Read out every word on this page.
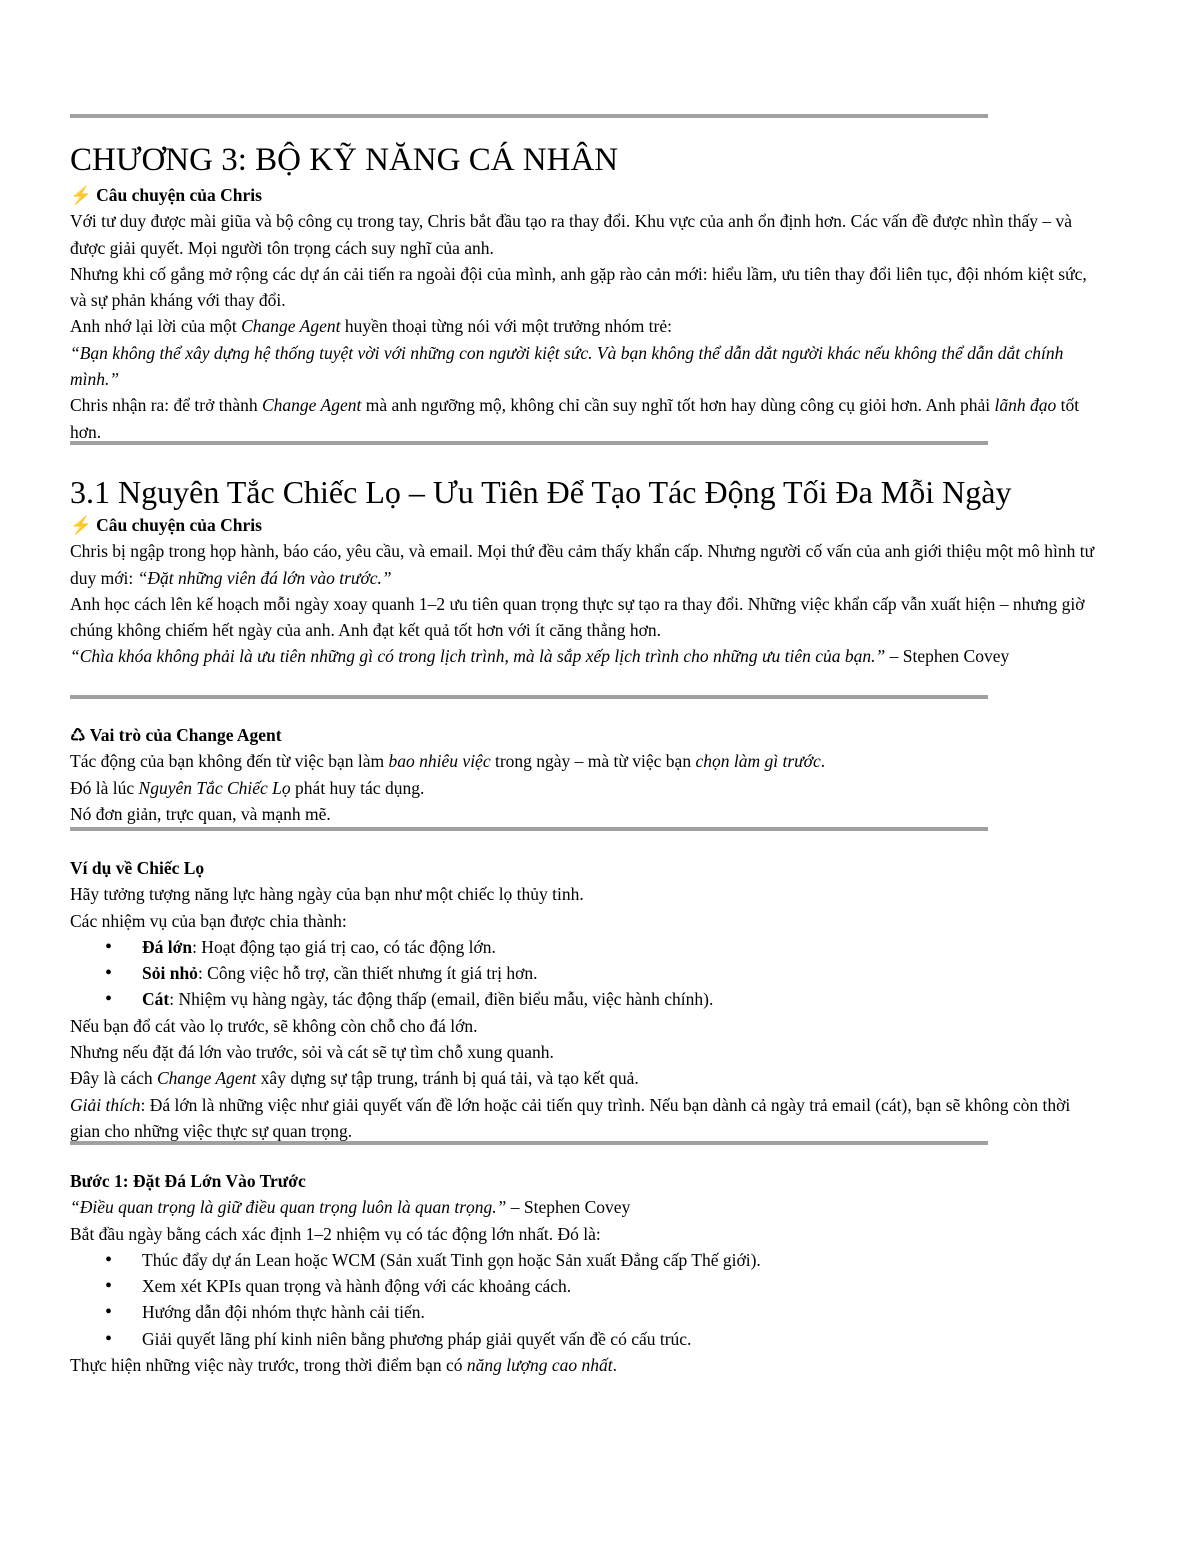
CHƯƠNG 3: BỘ KỸ NĂNG CÁ NHÂN

⚡ Câu chuyện của Chris

Với tư duy được mài giũa và bộ công cụ trong tay, Chris bắt đầu tạo ra thay đổi. Khu vực của anh ổn định hơn. Các vấn đề được nhìn thấy – và được giải quyết. Mọi người tôn trọng cách suy nghĩ của anh.

Nhưng khi cố gắng mở rộng các dự án cải tiến ra ngoài đội của mình, anh gặp rào cản mới: hiểu lầm, ưu tiên thay đổi liên tục, đội nhóm kiệt sức, và sự phản kháng với thay đổi.

Anh nhớ lại lời của một Change Agent huyền thoại từng nói với một trưởng nhóm trẻ:

“Bạn không thể xây dựng hệ thống tuyệt vời với những con người kiệt sức. Và bạn không thể dẫn dắt người khác nếu không thể dẫn dắt chính mình.”

Chris nhận ra: để trở thành Change Agent mà anh ngưỡng mộ, không chỉ cần suy nghĩ tốt hơn hay dùng công cụ giỏi hơn. Anh phải lãnh đạo tốt hơn.

3.1 Nguyên Tắc Chiếc Lọ – Ưu Tiên Để Tạo Tác Động Tối Đa Mỗi Ngày

⚡ Câu chuyện của Chris

Chris bị ngập trong họp hành, báo cáo, yêu cầu, và email. Mọi thứ đều cảm thấy khẩn cấp. Nhưng người cố vấn của anh giới thiệu một mô hình tư duy mới: “Đặt những viên đá lớn vào trước.”

Anh học cách lên kế hoạch mỗi ngày xoay quanh 1–2 ưu tiên quan trọng thực sự tạo ra thay đổi. Những việc khẩn cấp vẫn xuất hiện – nhưng giờ chúng không chiếm hết ngày của anh. Anh đạt kết quả tốt hơn với ít căng thẳng hơn.

“Chìa khóa không phải là ưu tiên những gì có trong lịch trình, mà là sắp xếp lịch trình cho những ưu tiên của bạn.” – Stephen Covey

♺ Vai trò của Change Agent

Tác động của bạn không đến từ việc bạn làm bao nhiêu việc trong ngày – mà từ việc bạn chọn làm gì trước.

Đó là lúc Nguyên Tắc Chiếc Lọ phát huy tác dụng.

Nó đơn giản, trực quan, và mạnh mẽ.

Ví dụ về Chiếc Lọ

Hãy tưởng tượng năng lực hàng ngày của bạn như một chiếc lọ thủy tinh.

Các nhiệm vụ của bạn được chia thành:

• Đá lớn: Hoạt động tạo giá trị cao, có tác động lớn.
• Sỏi nhỏ: Công việc hỗ trợ, cần thiết nhưng ít giá trị hơn.
• Cát: Nhiệm vụ hàng ngày, tác động thấp (email, điền biểu mẫu, việc hành chính).

Nếu bạn đổ cát vào lọ trước, sẽ không còn chỗ cho đá lớn.

Nhưng nếu đặt đá lớn vào trước, sỏi và cát sẽ tự tìm chỗ xung quanh.

Đây là cách Change Agent xây dựng sự tập trung, tránh bị quá tải, và tạo kết quả.

Giải thích: Đá lớn là những việc như giải quyết vấn đề lớn hoặc cải tiến quy trình. Nếu bạn dành cả ngày trả email (cát), bạn sẽ không còn thời gian cho những việc thực sự quan trọng.

Bước 1: Đặt Đá Lớn Vào Trước

“Điều quan trọng là giữ điều quan trọng luôn là quan trọng.” – Stephen Covey

Bắt đầu ngày bằng cách xác định 1–2 nhiệm vụ có tác động lớn nhất. Đó là:

• Thúc đẩy dự án Lean hoặc WCM (Sản xuất Tinh gọn hoặc Sản xuất Đẳng cấp Thế giới).
• Xem xét KPIs quan trọng và hành động với các khoảng cách.
• Hướng dẫn đội nhóm thực hành cải tiến.
• Giải quyết lãng phí kinh niên bằng phương pháp giải quyết vấn đề có cấu trúc.

Thực hiện những việc này trước, trong thời điểm bạn có năng lượng cao nhất.
